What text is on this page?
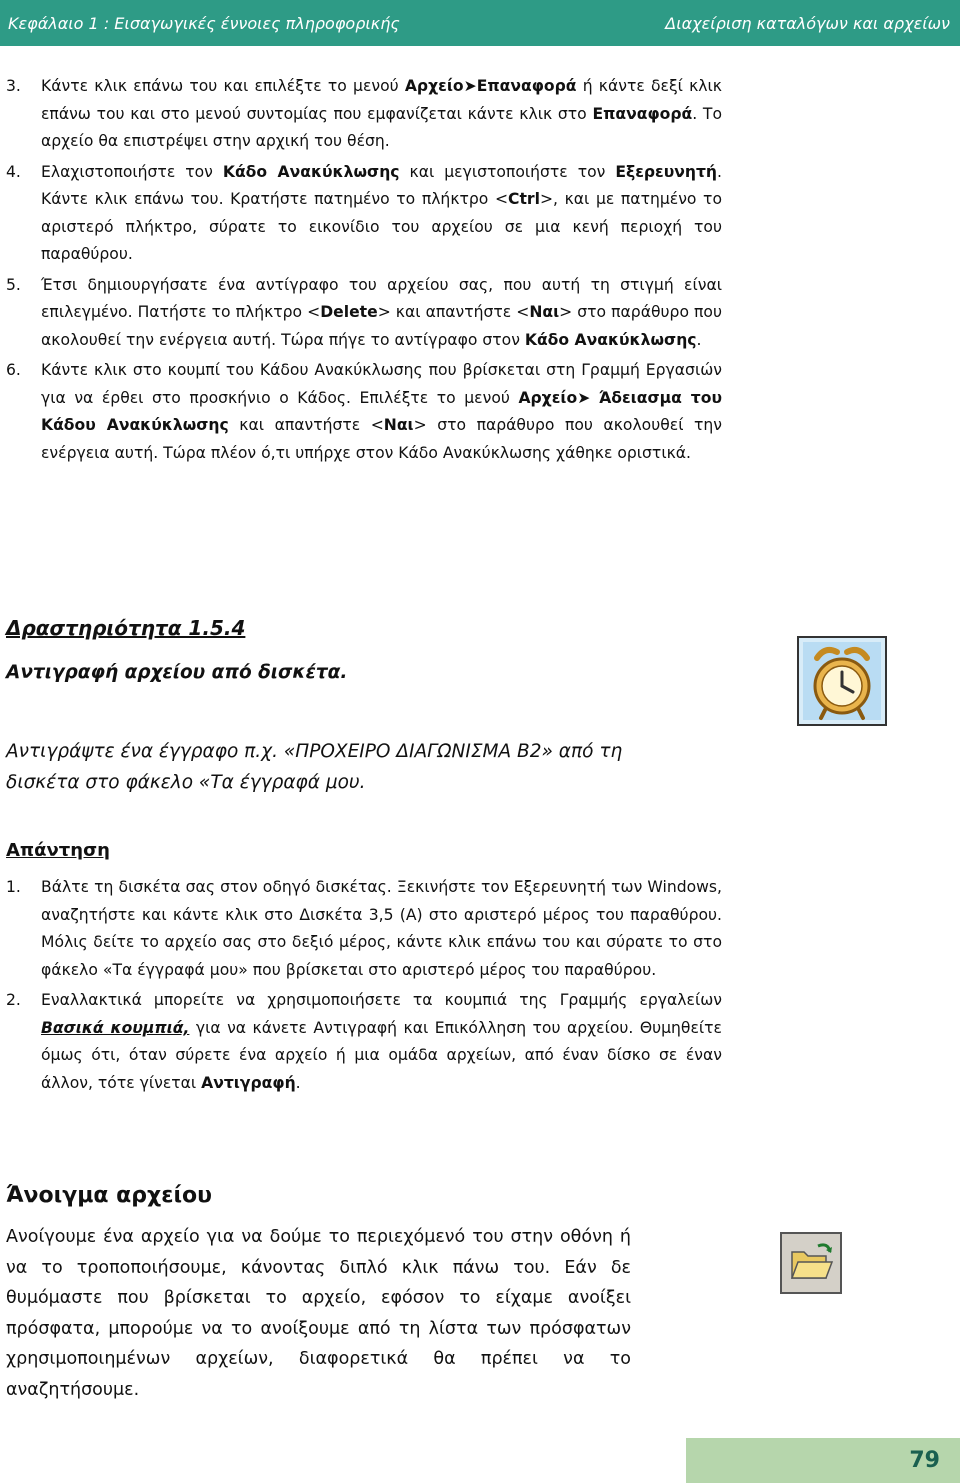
Κεφάλαιο 1 : Εισαγωγικές έννοιες πληροφορικής	Διαχείριση καταλόγων και αρχείων
3. Κάντε κλικ επάνω του και επιλέξτε το μενού Αρχείο➤Επαναφορά ή κάντε δεξί κλικ επάνω του και στο μενού συντομίας που εμφανίζεται κάντε κλικ στο Επαναφορά. Το αρχείο θα επιστρέψει στην αρχική του θέση.
4. Ελαχιστοποιήστε τον Κάδο Ανακύκλωσης και μεγιστοποιήστε τον Εξερευνητή. Κάντε κλικ επάνω του. Κρατήστε πατημένο το πλήκτρο <Ctrl>, και με πατημένο το αριστερό πλήκτρο, σύρατε το εικονίδιο του αρχείου σε μια κενή περιοχή του παραθύρου.
5. Έτσι δημιουργήσατε ένα αντίγραφο του αρχείου σας, που αυτή τη στιγμή είναι επιλεγμένο. Πατήστε το πλήκτρο <Delete> και απαντήστε <Ναι> στο παράθυρο που ακολουθεί την ενέργεια αυτή. Τώρα πήγε το αντίγραφο στον Κάδο Ανακύκλωσης.
6. Κάντε κλικ στο κουμπί του Κάδου Ανακύκλωσης που βρίσκεται στη Γραμμή Εργασιών για να έρθει στο προσκήνιο ο Κάδος. Επιλέξτε το μενού Αρχείο➤ Άδειασμα του Κάδου Ανακύκλωσης και απαντήστε <Ναι> στο παράθυρο που ακολουθεί την ενέργεια αυτή. Τώρα πλέον ό,τι υπήρχε στον Κάδο Ανακύκλωσης χάθηκε οριστικά.
Δραστηριότητα 1.5.4
Αντιγραφή αρχείου από δισκέτα.
Αντιγράψτε ένα έγγραφο π.χ. «ΠΡΟΧΕΙΡΟ ΔΙΑΓΩΝΙΣΜΑ Β2» από τη δισκέτα στο φάκελο «Τα έγγραφά μου.
Απάντηση
1. Βάλτε τη δισκέτα σας στον οδηγό δισκέτας. Ξεκινήστε τον Εξερευνητή των Windows, αναζητήστε και κάντε κλικ στο Δισκέτα 3,5 (A) στο αριστερό μέρος του παραθύρου. Μόλις δείτε το αρχείο σας στο δεξιό μέρος, κάντε κλικ επάνω του και σύρατε το στο φάκελο «Τα έγγραφά μου» που βρίσκεται στο αριστερό μέρος του παραθύρου.
2. Εναλλακτικά μπορείτε να χρησιμοποιήσετε τα κουμπιά της Γραμμής εργαλείων Βασικά κουμπιά, για να κάνετε Αντιγραφή και Επικόλληση του αρχείου. Θυμηθείτε όμως ότι, όταν σύρετε ένα αρχείο ή μια ομάδα αρχείων, από έναν δίσκο σε έναν άλλον, τότε γίνεται Αντιγραφή.
Άνοιγμα αρχείου
Ανοίγουμε ένα αρχείο για να δούμε το περιεχόμενό του στην οθόνη ή να το τροποποιήσουμε, κάνοντας διπλό κλικ πάνω του. Εάν δε θυμόμαστε που βρίσκεται το αρχείο, εφόσον το είχαμε ανοίξει πρόσφατα, μπορούμε να το ανοίξουμε από τη λίστα των πρόσφατων χρησιμοποιημένων αρχείων, διαφορετικά θα πρέπει να το αναζητήσουμε.
79
